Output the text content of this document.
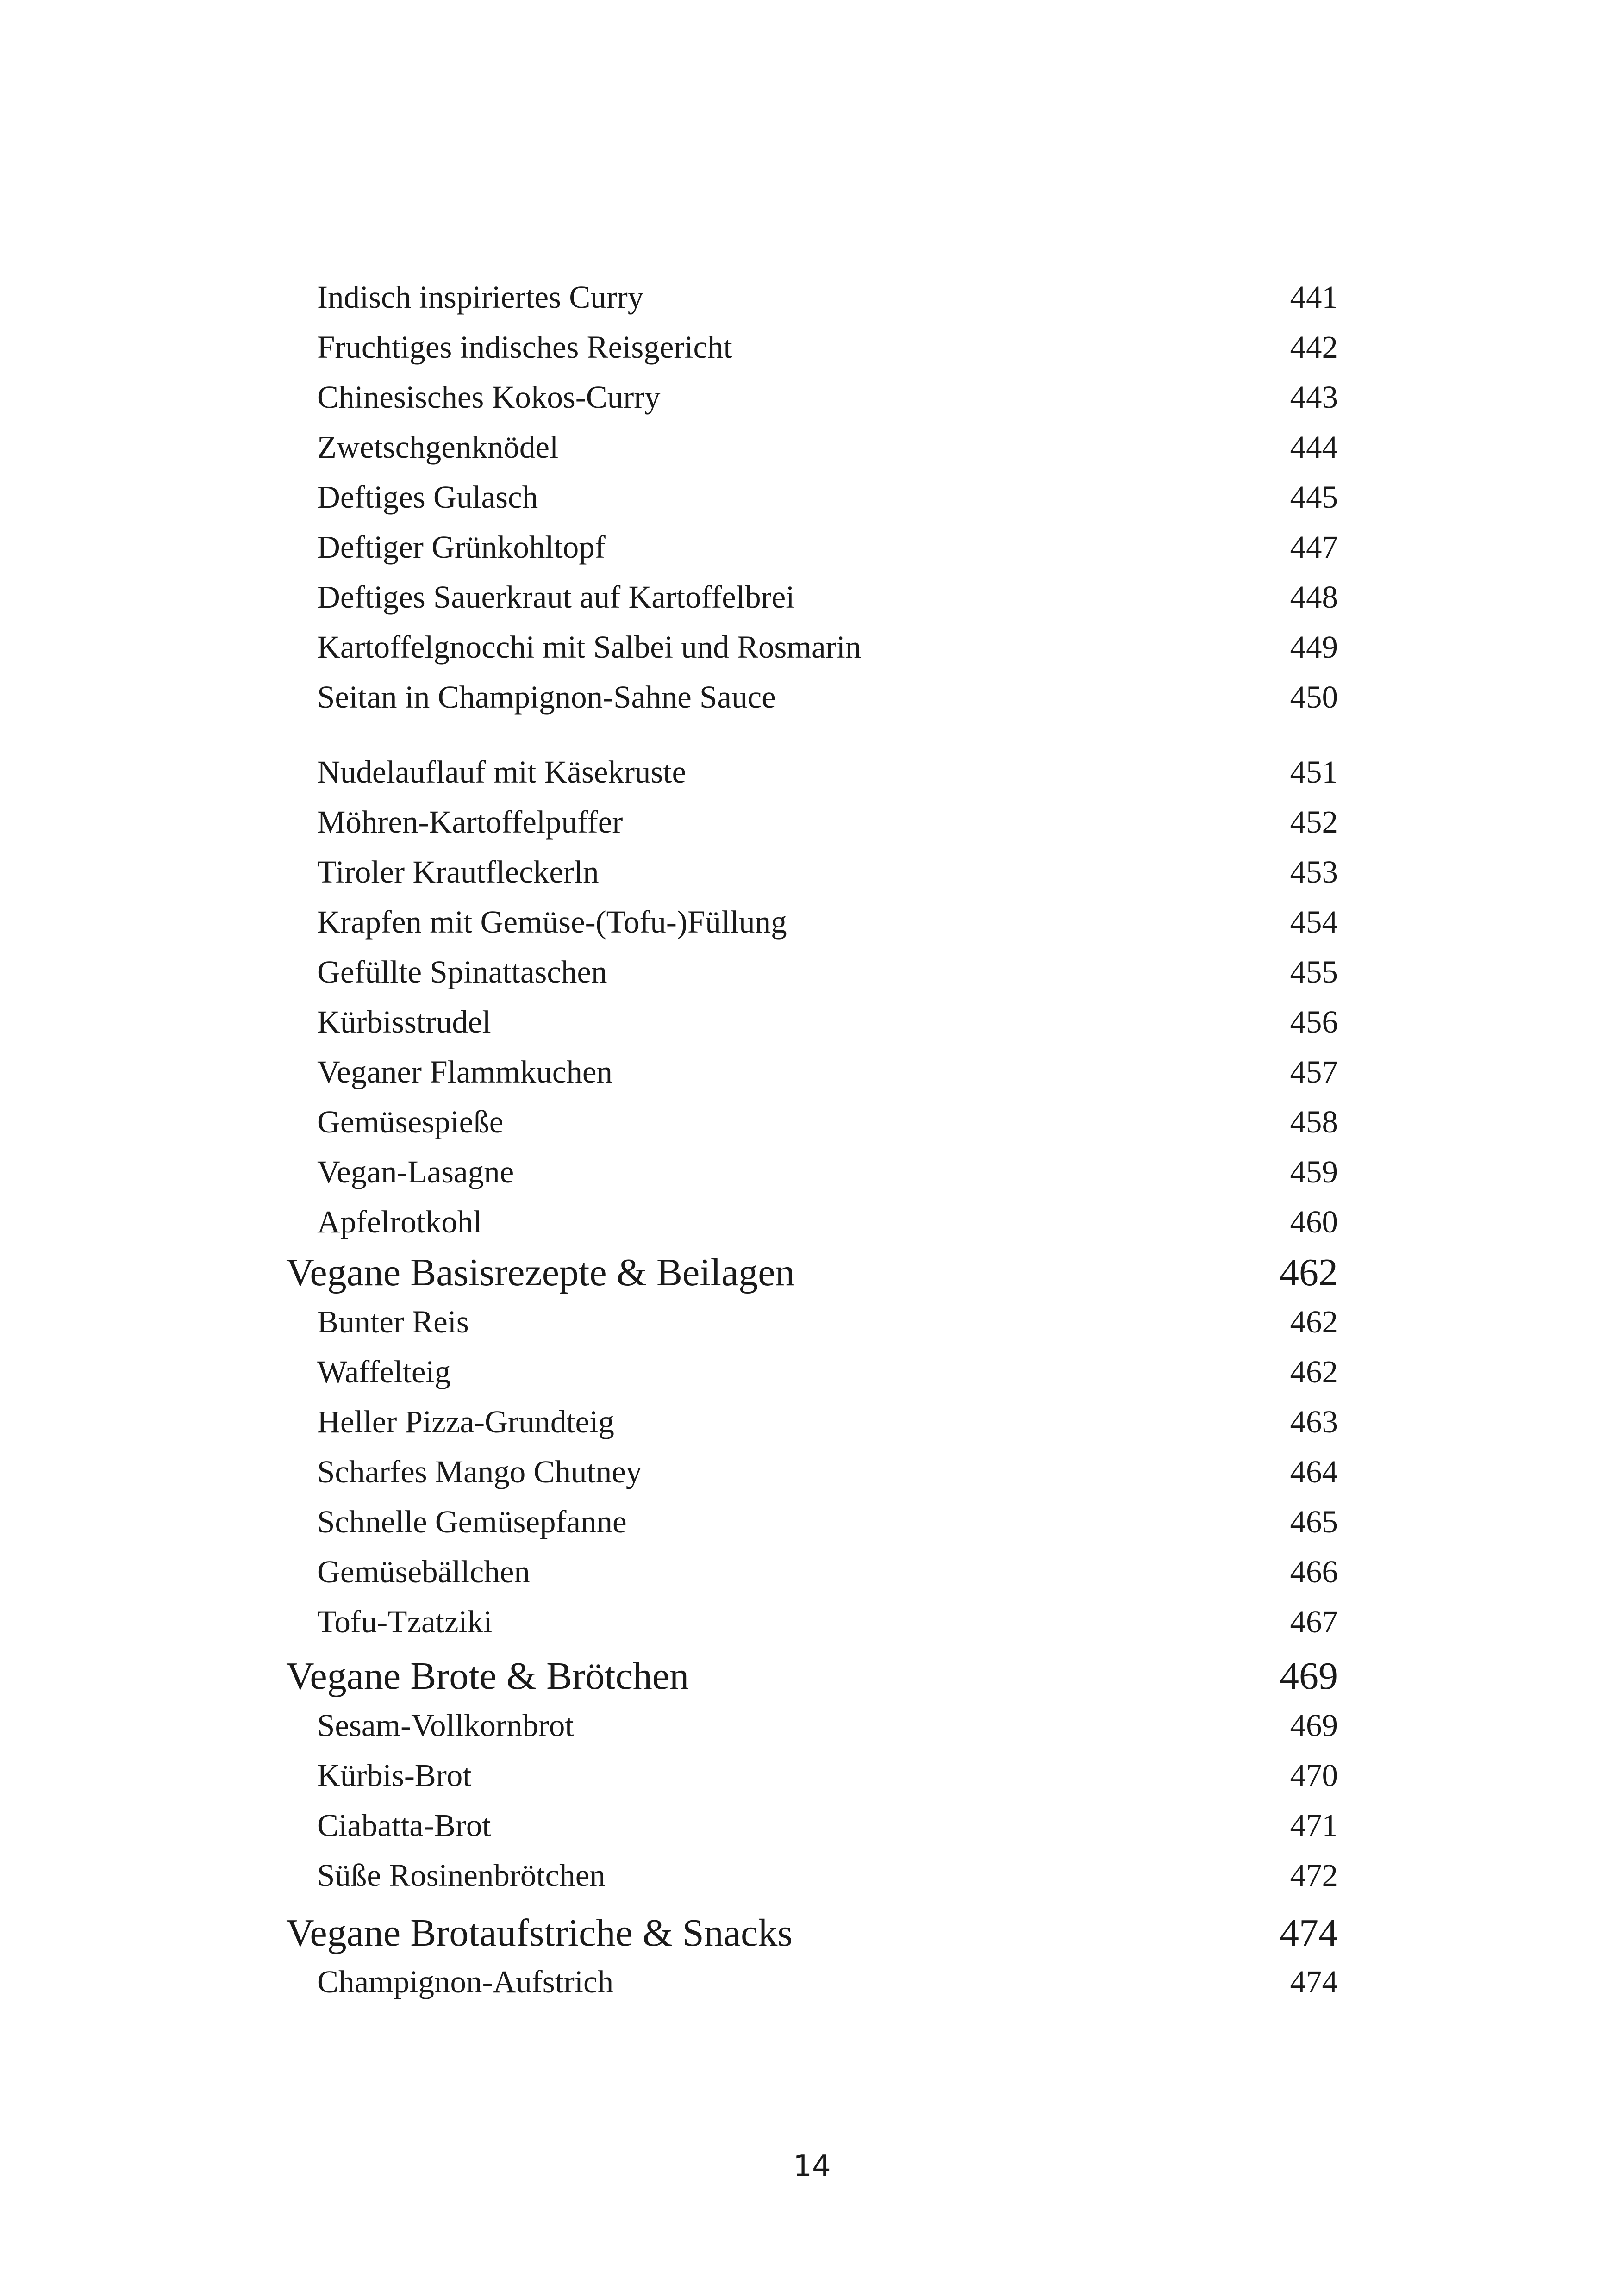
Indisch inspiriertes Curry	441
Fruchtiges indisches Reisgericht	442
Chinesisches Kokos-Curry	443
Zwetschgenknödel	444
Deftiges Gulasch	445
Deftiger Grünkohltopf	447
Deftiges Sauerkraut auf Kartoffelbrei	448
Kartoffelgnocchi mit Salbei und Rosmarin	449
Seitan in Champignon-Sahne Sauce	450
Nudelauflauf mit Käsekruste	451
Möhren-Kartoffelpuffer	452
Tiroler Krautfleckerln	453
Krapfen mit Gemüse-(Tofu-)Füllung	454
Gefüllte Spinattaschen	455
Kürbisstrudel	456
Veganer Flammkuchen	457
Gemüsespieße	458
Vegan-Lasagne	459
Apfelrotkohl	460
Vegane Basisrezepte & Beilagen	462
Bunter Reis	462
Waffelteig	462
Heller Pizza-Grundteig	463
Scharfes Mango Chutney	464
Schnelle Gemüsepfanne	465
Gemüsebällchen	466
Tofu-Tzatziki	467
Vegane Brote & Brötchen	469
Sesam-Vollkornbrot	469
Kürbis-Brot	470
Ciabatta-Brot	471
Süße Rosinenbrötchen	472
Vegane Brotaufstriche & Snacks	474
Champignon-Aufstrich	474
14
